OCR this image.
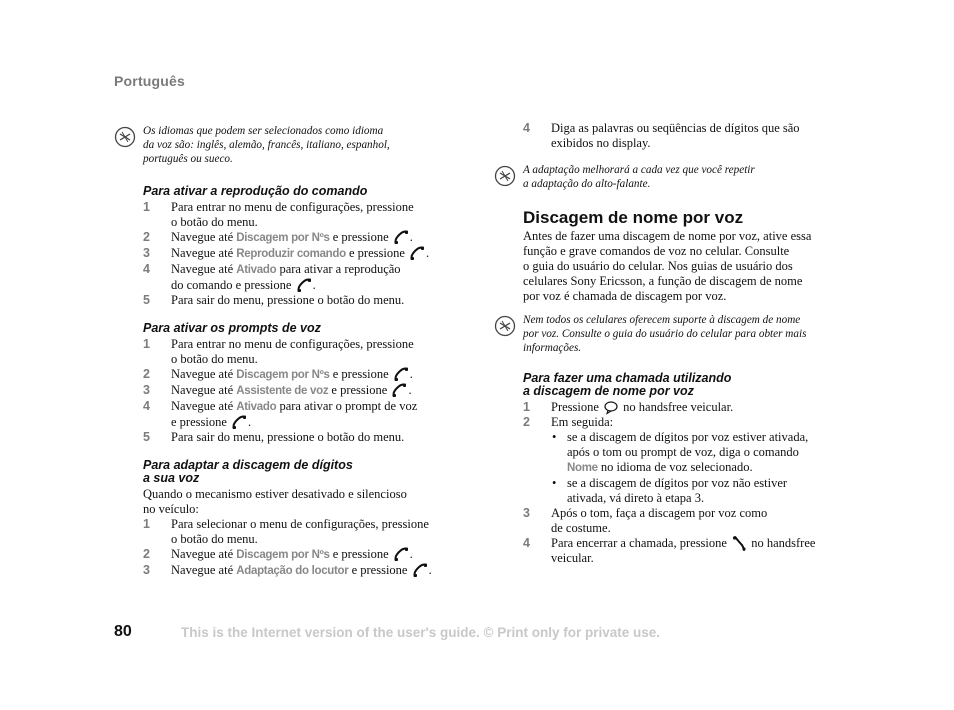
Português
Os idiomas que podem ser selecionados como idioma
da voz são: inglês, alemão, francês, italiano, espanhol,
português ou sueco.
Para ativar a reprodução do comando
1 Para entrar no menu de configurações, pressione
o botão do menu.
2 Navegue até Discagem por Nºs e pressione .
3 Navegue até Reproduzir comando e pressione .
4 Navegue até Ativado para ativar a reprodução
do comando e pressione .
5 Para sair do menu, pressione o botão do menu.
Para ativar os prompts de voz
1 Para entrar no menu de configurações, pressione
o botão do menu.
2 Navegue até Discagem por Nºs e pressione .
3 Navegue até Assistente de voz e pressione .
4 Navegue até Ativado para ativar o prompt de voz
e pressione .
5 Para sair do menu, pressione o botão do menu.
Para adaptar a discagem de dígitos
a sua voz
Quando o mecanismo estiver desativado e silencioso
no veículo:
1 Para selecionar o menu de configurações, pressione
o botão do menu.
2 Navegue até Discagem por Nºs e pressione .
3 Navegue até Adaptação do locutor e pressione .
4 Diga as palavras ou seqüências de dígitos que são
exibidos no display.
A adaptação melhorará a cada vez que você repetir
a adaptação do alto-falante.
Discagem de nome por voz
Antes de fazer uma discagem de nome por voz, ative essa
função e grave comandos de voz no celular. Consulte
o guia do usuário do celular. Nos guias de usuário dos
celulares Sony Ericsson, a função de discagem de nome
por voz é chamada de discagem por voz.
Nem todos os celulares oferecem suporte à discagem de nome
por voz. Consulte o guia do usuário do celular para obter mais
informações.
Para fazer uma chamada utilizando
a discagem de nome por voz
1 Pressione  no handsfree veicular.
2 Em seguida:
• se a discagem de dígitos por voz estiver ativada,
após o tom ou prompt de voz, diga o comando
Nome no idioma de voz selecionado.
• se a discagem de dígitos por voz não estiver
ativada, vá direto à etapa 3.
3 Após o tom, faça a discagem por voz como
de costume.
4 Para encerrar a chamada, pressione  no handsfree
veicular.
80	This is the Internet version of the user's guide. © Print only for private use.
